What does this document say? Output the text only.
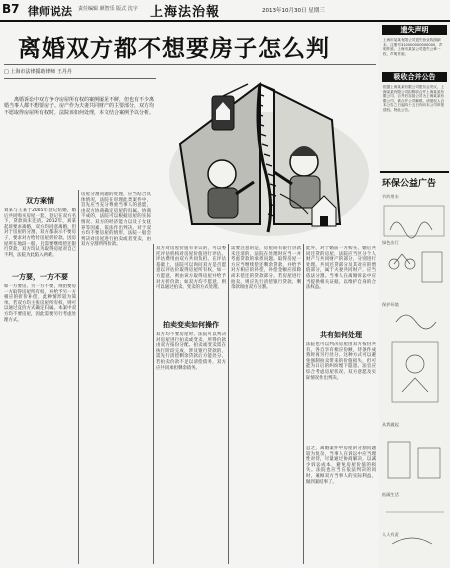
B7 律师说法 责任编辑 颜智乐 版式 沈宇 上海法治報	2013年10月30日 星期三
离婚双方都不想要房子怎么判
□ 上海市法律援助律师 王丹丹
离婚诉讼中双方争夺房屋所有权的案例屡见不鲜，但也有不少离婚当事人都不想要房子。房产作为夫妻共同财产的主要部分，双方均不愿取得房屋所有权时，法院该如何处理，本文结合案例予以分析。
双方案情
刘某与王某于2005年登记结婚，婚后共同购买房屋一套，登记在双方名下，贷款尚未还清。2012年，刘某起诉要求离婚，双方均同意离婚，但对于房屋的分割，双方都表示不要房子，要求对方给付房屋折价款。因房屋所在地段一般，且需要继续偿还银行贷款，双方均认为取得房屋对自己不利，法院为此陷入两难。
一方要，一方不要
如一方要房，另一方不要，则由要房一方取得房屋所有权，并给予另一方相应的折价补偿，此种情形较为简单。若双方均主张房屋所有权，则可以通过竞价方式确定归属。本案中双方均不要房屋，因此需要另行考虑处理方式。
房屋分割问题的处理，应当结合具体情况，法院在审理此类案件中，首先应当充分尊重当事人的意愿，由双方协商确定房屋的归属。协商不成的，法院可以根据房屋的实际情况、双方的经济能力以及子女抚养等因素，依法作出判决。对于双方均不要房屋的情形，法院一般会判决对房屋进行拍卖或者变卖，由双方分割所得价款。
双方对房屋价值有争议的，可以委托评估机构对房屋价值进行评估。评估费用由双方共同负担。在评估基础上，法院可以询问双方是否愿意以评估价取得房屋所有权，如一方愿意，则由该方取得房屋并给予对方折价款；如双方均不愿意，则可以通过拍卖、变卖的方式处理。
拍卖变卖如何操作
双方均不要房屋时，法院可以判决对房屋进行拍卖或变卖，所得价款由双方按份分配。拍卖或变卖需在执行阶段完成，涉及银行贷款的，需先行清偿剩余贷款后方能处分。若拍卖价款不足以清偿债务，双方应共同承担剩余债务。
需要注意的是，房屋尚有银行贷款未还清的，法院在处理时应当一并考虑贷款的承担问题。取得房屋一方应当继续偿还剩余贷款，并给予对方相应的补偿，补偿金额应扣除尚未偿还的贷款部分。若房屋进行拍卖，则应先行清偿银行贷款，剩余款项由双方分割。
此外，对于婚前一方购买、婚后共同还贷的房屋，法院应当区分个人财产与共同财产的部分，分别进行处理。共同还贷部分及其对应的增值部分，属于夫妻共同财产，应当依法分割。当事人在离婚诉讼中应当提供相关证据，以维护自身的合法权益。
共有如何处理
法院也可以判决房屋由双方按份共有，各自享有相应份额，待条件成熟时再另行处分。这种方式可以避免强制拍卖带来的价值损失，但可能为日后的纠纷埋下隐患。法官应综合考虑房屋状况、双方意愿及实际情况作出判决。
总之，离婚案件中房屋的分割问题较为复杂，当事人在诉讼中应当理性对待，尽量通过协商解决，以减少诉讼成本，避免房屋价值的损失。法院也应当在依法判决的同时，兼顾双方当事人的实际利益，做到案结事了。
遗失声明
上海市某某有限公司遗失营业执照副本，注册号310000000000000，声明作废。上海市某某公司遗失公章一枚，声明作废。
吸收合并公告
根据上海某某有限公司股东会决议，上海某某有限公司拟吸收合并上海某某有限公司，合并后存续公司为上海某某有限公司，被合并公司解散。请债权人自本公告之日起四十五日内向本公司申报债权。特此公告。
环保公益广告
节约用水
绿色出行
保护环境
从我做起
低碳生活
人人有责
